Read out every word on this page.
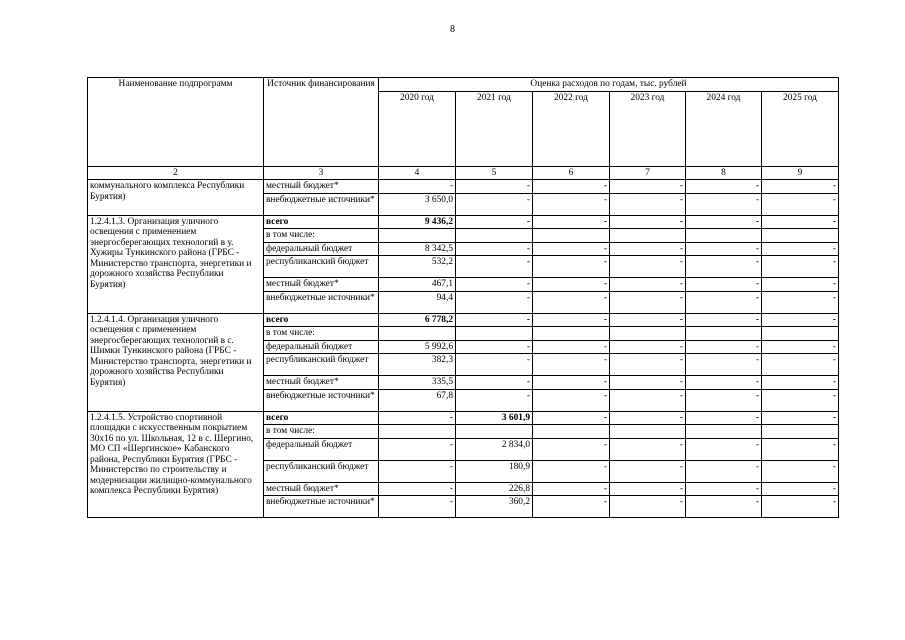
8
Наименование подпрограмм	Источник финансирования	Оценка расходов по годам, тыс. рублей					
		2020 год	2021 год	2022 год	2023 год	2024 год	2025 год
2	3	4	5	6	7	8	9
коммунального комплекса Республики Бурятия)	местный бюджет*	-	-	-	-	-	-
	внебюджетные источники*	3 650,0	-	-	-	-	-
1.2.4.1.3. Организация уличного освещения с применением энергосберегающих технологий в у. Хужиры Тункинского района (ГРБС - Министерство транспорта, энергетики и дорожного хозяйства Республики Бурятия)	всего	9 436,2	-	-	-	-	-
	в том числе:						
	федеральный бюджет	8 342,5	-	-	-	-	-
	республиканский бюджет	532,2	-	-	-	-	-
	местный бюджет*	467,1	-	-	-	-	-
	внебюджетные источники*	94,4	-	-	-	-	-
1.2.4.1.4. Организация уличного освещения с применением энергосберегающих технологий в с. Шимки Тункинского района (ГРБС - Министерство транспорта, энергетики и дорожного хозяйства Республики Бурятия)	всего	6 778,2	-	-	-	-	-
	в том числе:						
	федеральный бюджет	5 992,6	-	-	-	-	-
	республиканский бюджет	382,3	-	-	-	-	-
	местный бюджет*	335,5	-	-	-	-	-
	внебюджетные источники*	67,8	-	-	-	-	-
1.2.4.1.5. Устройство спортивной площадки с искусственным покрытием 30х16 по ул. Школьная, 12 в с. Шергино, МО СП «Шергинское» Кабанского района, Республики Бурятия (ГРБС - Министерство по строительству и модернизации жилищно-коммунального комплекса Республики Бурятия)	всего	-	3 601,9	-	-	-	-
	в том числе:						
	федеральный бюджет	-	2 834,0	-	-	-	-
	республиканский бюджет	-	180,9	-	-	-	-
	местный бюджет*	-	226,8	-	-	-	-
	внебюджетные источники*	-	360,2	-	-	-	-
